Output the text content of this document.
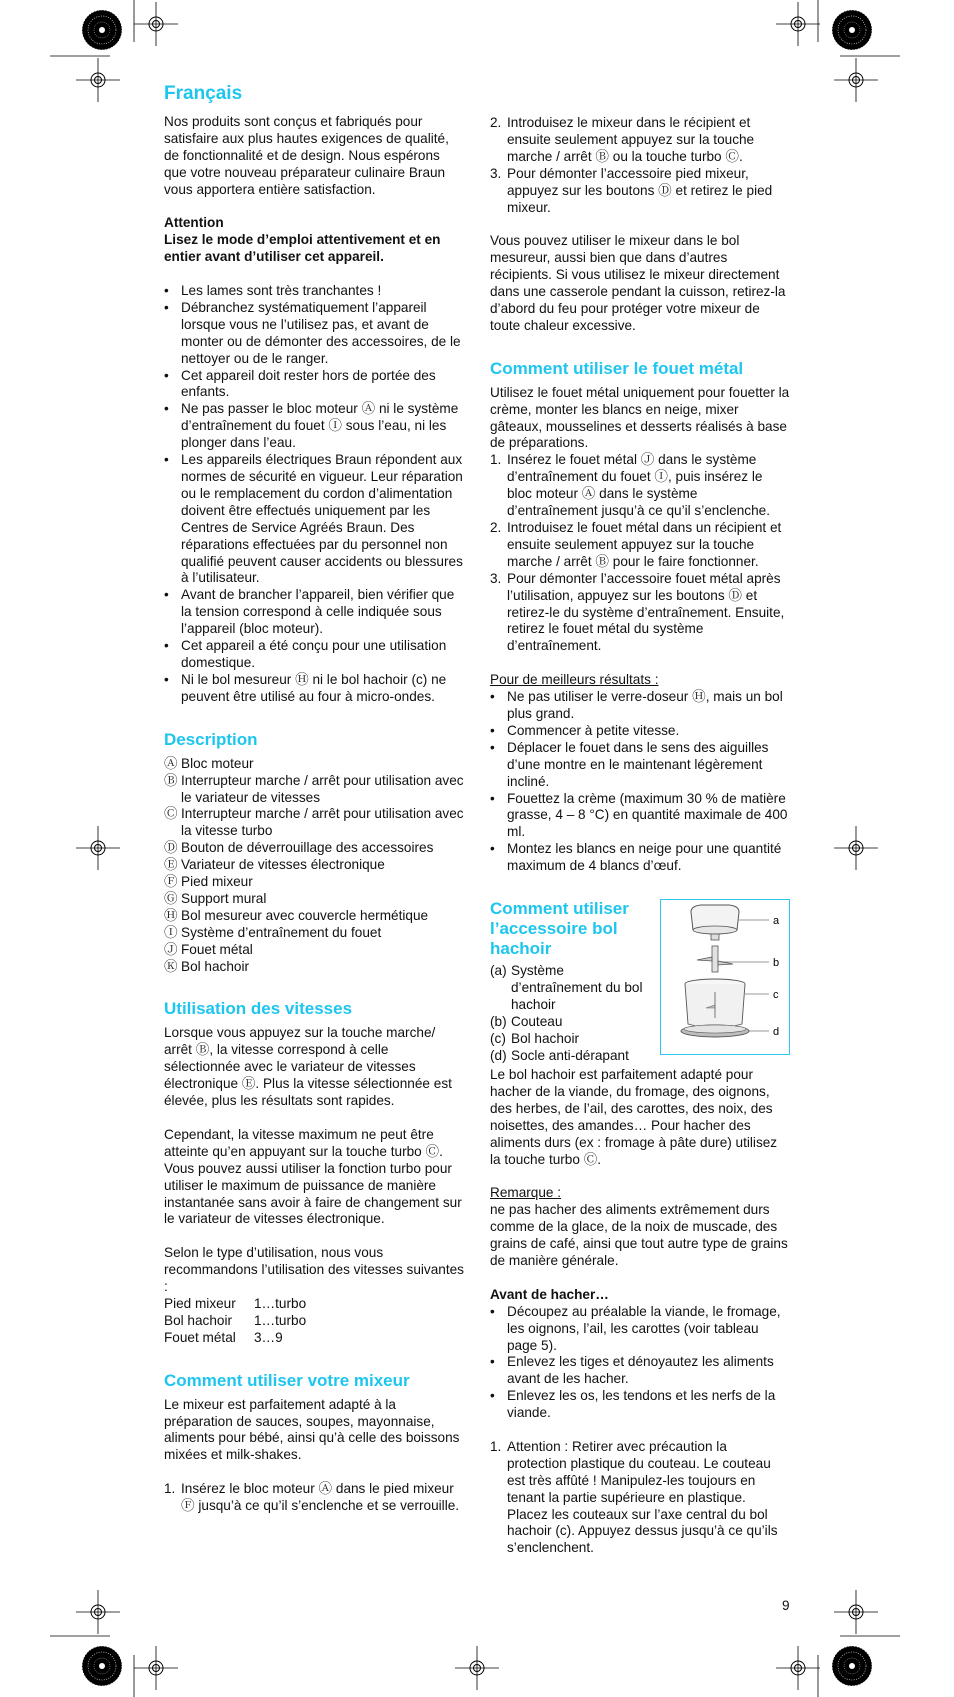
Français

Nos produits sont conçus et fabriqués pour satisfaire aux plus hautes exigences de qualité, de fonctionnalité et de design. Nous espérons que votre nouveau préparateur culinaire Braun vous apportera entière satisfaction.

Attention

Lisez le mode d’emploi attentivement et en entier avant d’utiliser cet appareil.

• Les lames sont très tranchantes !
• Débranchez systématiquement l’appareil lorsque vous ne l’utilisez pas, et avant de monter ou de démonter des accessoires, de le nettoyer ou de le ranger.
• Cet appareil doit rester hors de portée des enfants.
• Ne pas passer le bloc moteur Ⓐ ni le système d’entraînement du fouet Ⓘ sous l’eau, ni les plonger dans l’eau.
• Les appareils électriques Braun répondent aux normes de sécurité en vigueur. Leur réparation ou le remplacement du cordon d’alimentation doivent être effectués uniquement par les Centres de Service Agréés Braun. Des réparations effectuées par du personnel non qualifié peuvent causer accidents ou blessures à l’utilisateur.
• Avant de brancher l’appareil, bien vérifier que la tension correspond à celle indiquée sous l’appareil (bloc moteur).
• Cet appareil a été conçu pour une utilisation domestique.
• Ni le bol mesureur Ⓗ ni le bol hachoir (c) ne peuvent être utilisé au four à micro-ondes.
Description
Ⓐ Bloc moteur
Ⓑ Interrupteur marche / arrêt pour utilisation avec le variateur de vitesses
Ⓒ Interrupteur marche / arrêt pour utilisation avec la vitesse turbo
Ⓓ Bouton de déverrouillage des accessoires
Ⓔ Variateur de vitesses électronique
Ⓕ Pied mixeur
Ⓖ Support mural
Ⓗ Bol mesureur avec couvercle hermétique
Ⓘ Système d’entraînement du fouet
Ⓙ Fouet métal
Ⓚ Bol hachoir
Utilisation des vitesses

Lorsque vous appuyez sur la touche marche/ arrêt Ⓑ, la vitesse correspond à celle sélectionnée avec le variateur de vitesses électronique Ⓔ. Plus la vitesse sélectionnée est élevée, plus les résultats sont rapides.

Cependant, la vitesse maximum ne peut être atteinte qu’en appuyant sur la touche turbo Ⓒ. Vous pouvez aussi utiliser la fonction turbo pour utiliser le maximum de puissance de manière instantanée sans avoir à faire de changement sur le variateur de vitesses électronique.

Selon le type d’utilisation, nous vous recommandons l’utilisation des vitesses suivantes :

Pied mixeur	1…turbo
Bol hachoir	1…turbo
Fouet métal	3…9
Comment utiliser votre mixeur

Le mixeur est parfaitement adapté à la préparation de sauces, soupes, mayonnaise, aliments pour bébé, ainsi qu’à celle des boissons mixées et milk-shakes.

1. Insérez le bloc moteur Ⓐ dans le pied mixeur Ⓕ jusqu’à ce qu’il s’enclenche et se verrouille.
2. Introduisez le mixeur dans le récipient et ensuite seulement appuyez sur la touche marche / arrêt Ⓑ ou la touche turbo Ⓒ.
3. Pour démonter l’accessoire pied mixeur, appuyez sur les boutons Ⓓ et retirez le pied mixeur.

Vous pouvez utiliser le mixeur dans le bol mesureur, aussi bien que dans d’autres récipients. Si vous utilisez le mixeur directement dans une casserole pendant la cuisson, retirez-la d’abord du feu pour protéger votre mixeur de toute chaleur excessive.

Comment utiliser le fouet métal

Utilisez le fouet métal uniquement pour fouetter la crème, monter les blancs en neige, mixer gâteaux, mousselines et desserts réalisés à base de préparations.

1. Insérez le fouet métal Ⓙ dans le système d’entraînement du fouet Ⓘ, puis insérez le bloc moteur Ⓐ dans le système d’entraînement jusqu’à ce qu’il s’enclenche.
2. Introduisez le fouet métal dans un récipient et ensuite seulement appuyez sur la touche marche / arrêt Ⓑ pour le faire fonctionner.
3. Pour démonter l’accessoire fouet métal après l’utilisation, appuyez sur les boutons Ⓓ et retirez-le du système d’entraînement. Ensuite, retirez le fouet métal du système d’entraînement.

Pour de meilleurs résultats :

• Ne pas utiliser le verre-doseur Ⓗ, mais un bol plus grand.
• Commencer à petite vitesse.
• Déplacer le fouet dans le sens des aiguilles d’une montre en le maintenant légèrement incliné.
• Fouettez la crème (maximum 30 % de matière grasse, 4 – 8 °C) en quantité maximale de 400 ml.
• Montez les blancs en neige pour une quantité maximum de 4 blancs d’œuf.
Comment utiliser l’accessoire bol hachoir
(a) Système d’entraînement du bol hachoir
(b) Couteau
(c) Bol hachoir
(d) Socle anti-dérapant
a
b
c
d

Le bol hachoir est parfaitement adapté pour hacher de la viande, du fromage, des oignons, des herbes, de l’ail, des carottes, des noix, des noisettes, des amandes… Pour hacher des aliments durs (ex : fromage à pâte dure) utilisez la touche turbo Ⓒ.

Remarque :

ne pas hacher des aliments extrêmement durs comme de la glace, de la noix de muscade, des grains de café, ainsi que tout autre type de grains de manière générale.

Avant de hacher…

• Découpez au préalable la viande, le fromage, les oignons, l’ail, les carottes (voir tableau page 5).
• Enlevez les tiges et dénoyautez les aliments avant de les hacher.
• Enlevez les os, les tendons et les nerfs de la viande.
1. Attention : Retirer avec précaution la protection plastique du couteau. Le couteau est très affûté ! Manipulez-les toujours en tenant la partie supérieure en plastique. Placez les couteaux sur l’axe central du bol hachoir (c). Appuyez dessus jusqu’à ce qu’ils s’enclenchent.
9
